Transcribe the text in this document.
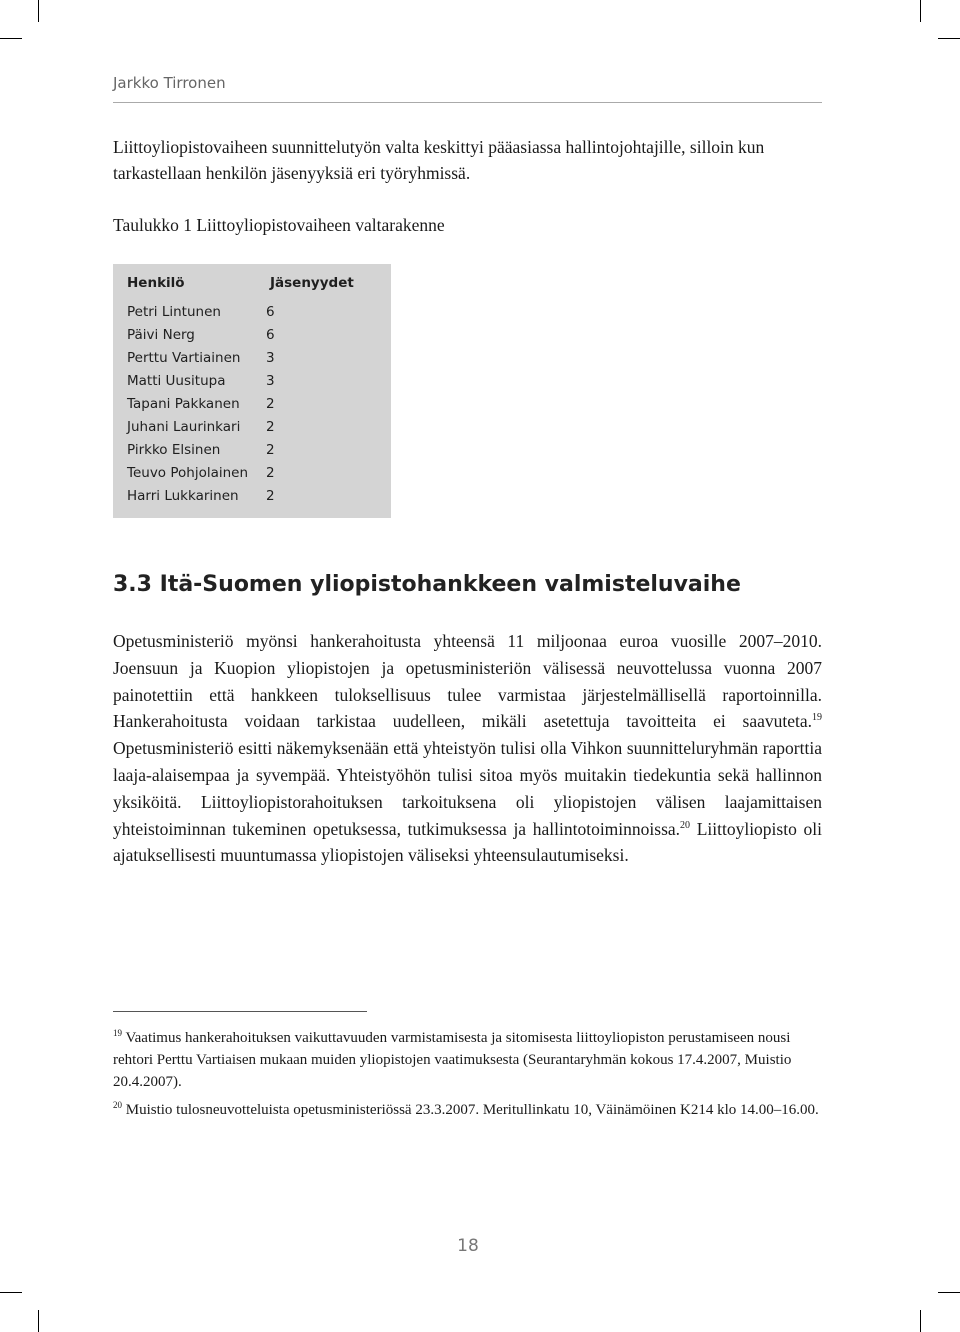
Jarkko Tirronen

Liittoyliopistovaiheen suunnittelutyön valta keskittyi pääasiassa hallintojohtajille, silloin kun tarkastellaan henkilön jäsenyyksiä eri työryhmissä.

Taulukko 1 Liittoyliopistovaiheen valtarakenne

Henkilö	Jäsenyydet
Petri Lintunen	6
Päivi Nerg	6
Perttu Vartiainen 3
Matti Uusitupa	3
Tapani Pakkanen 2
Juhani Laurinkari 2
Pirkko Elsinen	2
Teuvo Pohjolainen 2
Harri Lukkarinen 2
3.3 Itä-Suomen yliopistohankkeen valmisteluvaihe

Opetusministeriö myönsi hankerahoitusta yhteensä 11 miljoonaa euroa vuosille 2007–2010. Joensuun ja Kuopion yliopistojen ja opetusministeriön välisessä neuvottelussa vuonna 2007 painotettiin että hankkeen tuloksellisuus tulee varmistaa järjestelmällisellä raportoinnilla. Hankerahoitusta voidaan tarkistaa uudelleen, mikäli asetettuja tavoitteita ei saavuteta.$^{19}$ Opetusministeriö esitti näkemyksenään että yhteistyön tulisi olla Vihkon suunnitteluryhmän raporttia laaja-alaisempaa ja syvempää. Yhteistyöhön tulisi sitoa myös muitakin tiedekuntia sekä hallinnon yksiköitä. Liittoyliopistorahoituksen tarkoituksena oli yliopistojen välisen laajamittaisen yhteistoiminnan tukeminen opetuksessa, tutkimuksessa ja hallintotoiminnoissa.$^{20}$ Liittoyliopisto oli ajatuksellisesti muuntumassa yliopistojen väliseksi yhteensulautumiseksi.

$^{19}$ Vaatimus hankerahoituksen vaikuttavuuden varmistamisesta ja sitomisesta liittoyliopiston perustamiseen nousi rehtori Perttu Vartiaisen mukaan muiden yliopistojen vaatimuksesta (Seurantaryhmän kokous 17.4.2007, Muistio 20.4.2007).

$^{20}$ Muistio tulosneuvotteluista opetusministeriössä 23.3.2007. Meritullinkatu 10, Väinämöinen K214 klo 14.00–16.00.

18
